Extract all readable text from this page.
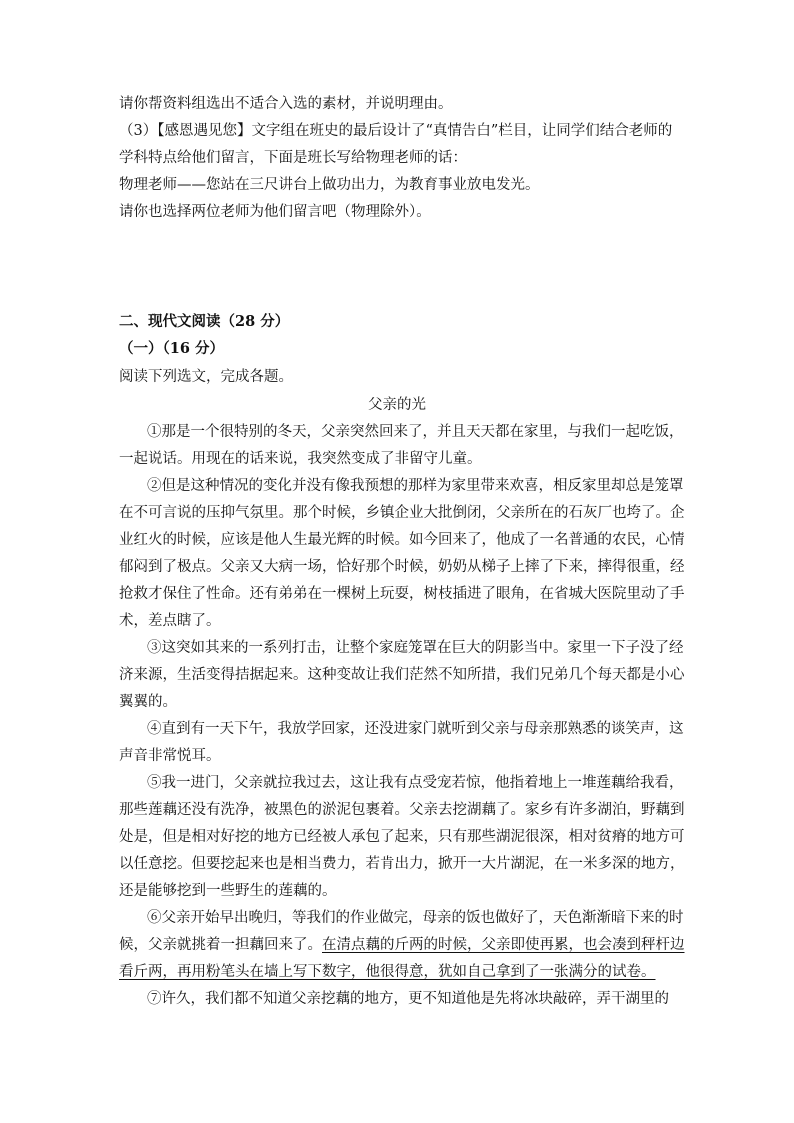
请你帮资料组选出不适合入选的素材，并说明理由。
（3）【感恩遇见您】文字组在班史的最后设计了“真情告白”栏目，让同学们结合老师的
学科特点给他们留言，下面是班长写给物理老师的话：
物理老师——您站在三尺讲台上做功出力，为教育事业放电发光。
请你也选择两位老师为他们留言吧（物理除外）。
二、现代文阅读（28 分）
（一）（16 分）
阅读下列选文，完成各题。
父亲的光
①那是一个很特别的冬天，父亲突然回来了，并且天天都在家里，与我们一起吃饭，
一起说话。用现在的话来说，我突然变成了非留守儿童。
②但是这种情况的变化并没有像我预想的那样为家里带来欢喜，相反家里却总是笼罩
在不可言说的压抑气氛里。那个时候，乡镇企业大批倒闭，父亲所在的石灰厂也垮了。企
业红火的时候，应该是他人生最光辉的时候。如今回来了，他成了一名普通的农民，心情
郁闷到了极点。父亲又大病一场，恰好那个时候，奶奶从梯子上摔了下来，摔得很重，经
抢救才保住了性命。还有弟弟在一棵树上玩耍，树枝插进了眼角，在省城大医院里动了手
术，差点瞎了。
③这突如其来的一系列打击，让整个家庭笼罩在巨大的阴影当中。家里一下子没了经
济来源，生活变得拮据起来。这种变故让我们茫然不知所措，我们兄弟几个每天都是小心
翼翼的。
④直到有一天下午，我放学回家，还没进家门就听到父亲与母亲那熟悉的谈笑声，这
声音非常悦耳。
⑤我一进门，父亲就拉我过去，这让我有点受宠若惊，他指着地上一堆莲藕给我看，
那些莲藕还没有洗净，被黑色的淤泥包裹着。父亲去挖湖藕了。家乡有许多湖泊，野藕到
处是，但是相对好挖的地方已经被人承包了起来，只有那些湖泥很深，相对贫瘠的地方可
以任意挖。但要挖起来也是相当费力，若肯出力，掀开一大片湖泥，在一米多深的地方，
还是能够挖到一些野生的莲藕的。
⑥父亲开始早出晚归，等我们的作业做完，母亲的饭也做好了，天色渐渐暗下来的时
候，父亲就挑着一担藕回来了。在清点藕的斤两的时候，父亲即使再累，也会凑到秤杆边
看斤两，再用粉笔头在墙上写下数字，他很得意，犹如自己拿到了一张满分的试卷。
⑦许久，我们都不知道父亲挖藕的地方，更不知道他是先将冰块敲碎，弄干湖里的
